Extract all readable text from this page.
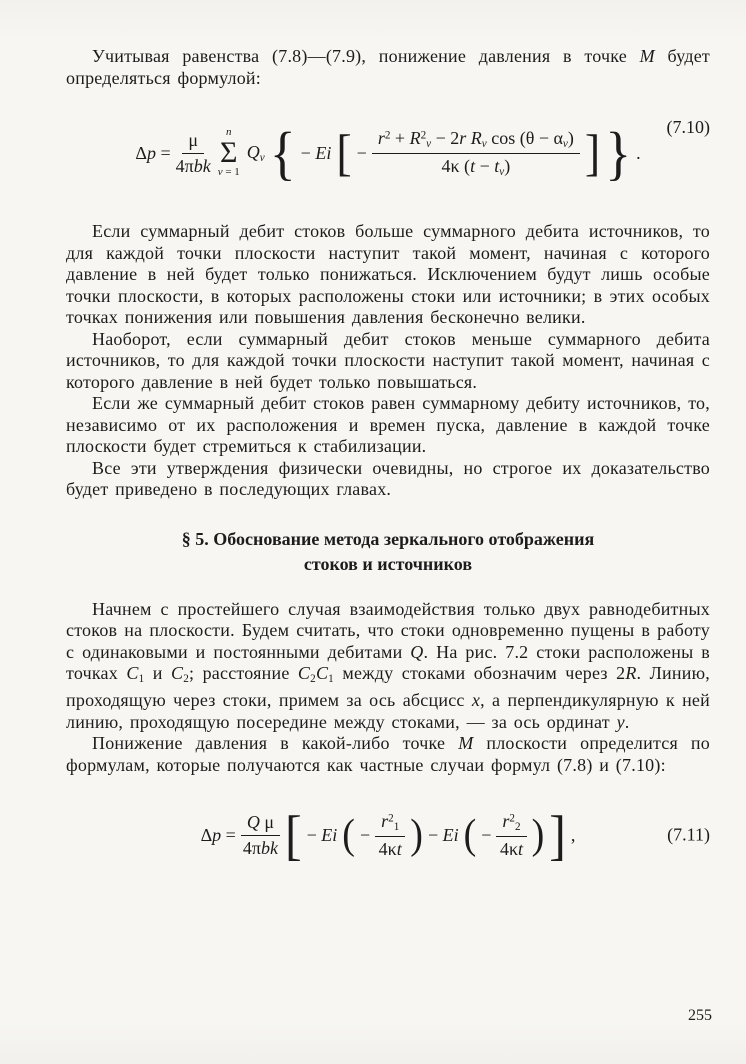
Учитывая равенства (7.8)—(7.9), понижение давления в точке M будет определяться формулой:

$\Delta p = \frac{\mu}{\text{4πbk}}$ n
Σ
v = 1
Qv { − Ei [ − $\frac{r^2 + R^2v - 2r Rv \cos (\theta - \alpha v)}{4\kappa (t - tv)}$ ] } .
(7.10)

Если суммарный дебит стоков больше суммарного дебита источников, то для каждой точки плоскости наступит такой момент, начиная с которого давление в ней будет только понижаться. Исключением будут лишь особые точки плоскости, в которых расположены стоки или источники; в этих особых точках понижения или повышения давления бесконечно велики.

Наоборот, если суммарный дебит стоков меньше суммарного дебита источников, то для каждой точки плоскости наступит такой момент, начиная с которого давление в ней будет только повышаться.

Если же суммарный дебит стоков равен суммарному дебиту источников, то, независимо от их расположения и времен пуска, давление в каждой точке плоскости будет стремиться к стабилизации.

Все эти утверждения физически очевидны, но строгое их доказательство будет приведено в последующих главах.

§ 5. Обоснование метода зеркального отображения
стоков и источников

Начнем с простейшего случая взаимодействия только двух равнодебитных стоков на плоскости. Будем считать, что стоки одновременно пущены в работу с одинаковыми и постоянными дебитами Q. На рис. 7.2 стоки расположены в точках C1 и C2; расстояние C2C1 между стоками обозначим через 2R. Линию, проходящую через стоки, примем за ось абсцисс x, а перпендикулярную к ней линию, проходящую посередине между стоками, — за ось ординат y.

Понижение давления в какой-либо точке M плоскости определится по формулам, которые получаются как частные случаи формул (7.8) и (7.10):

$\Delta p = \frac{\text{Q μ}}{\text{4πbk}}$ [ − Ei ( − $\frac{r^21}{4\kappa t}$ ) − Ei ( − $\frac{r^22}{4\kappa t}$ ) ] ,	(7.11)
255
